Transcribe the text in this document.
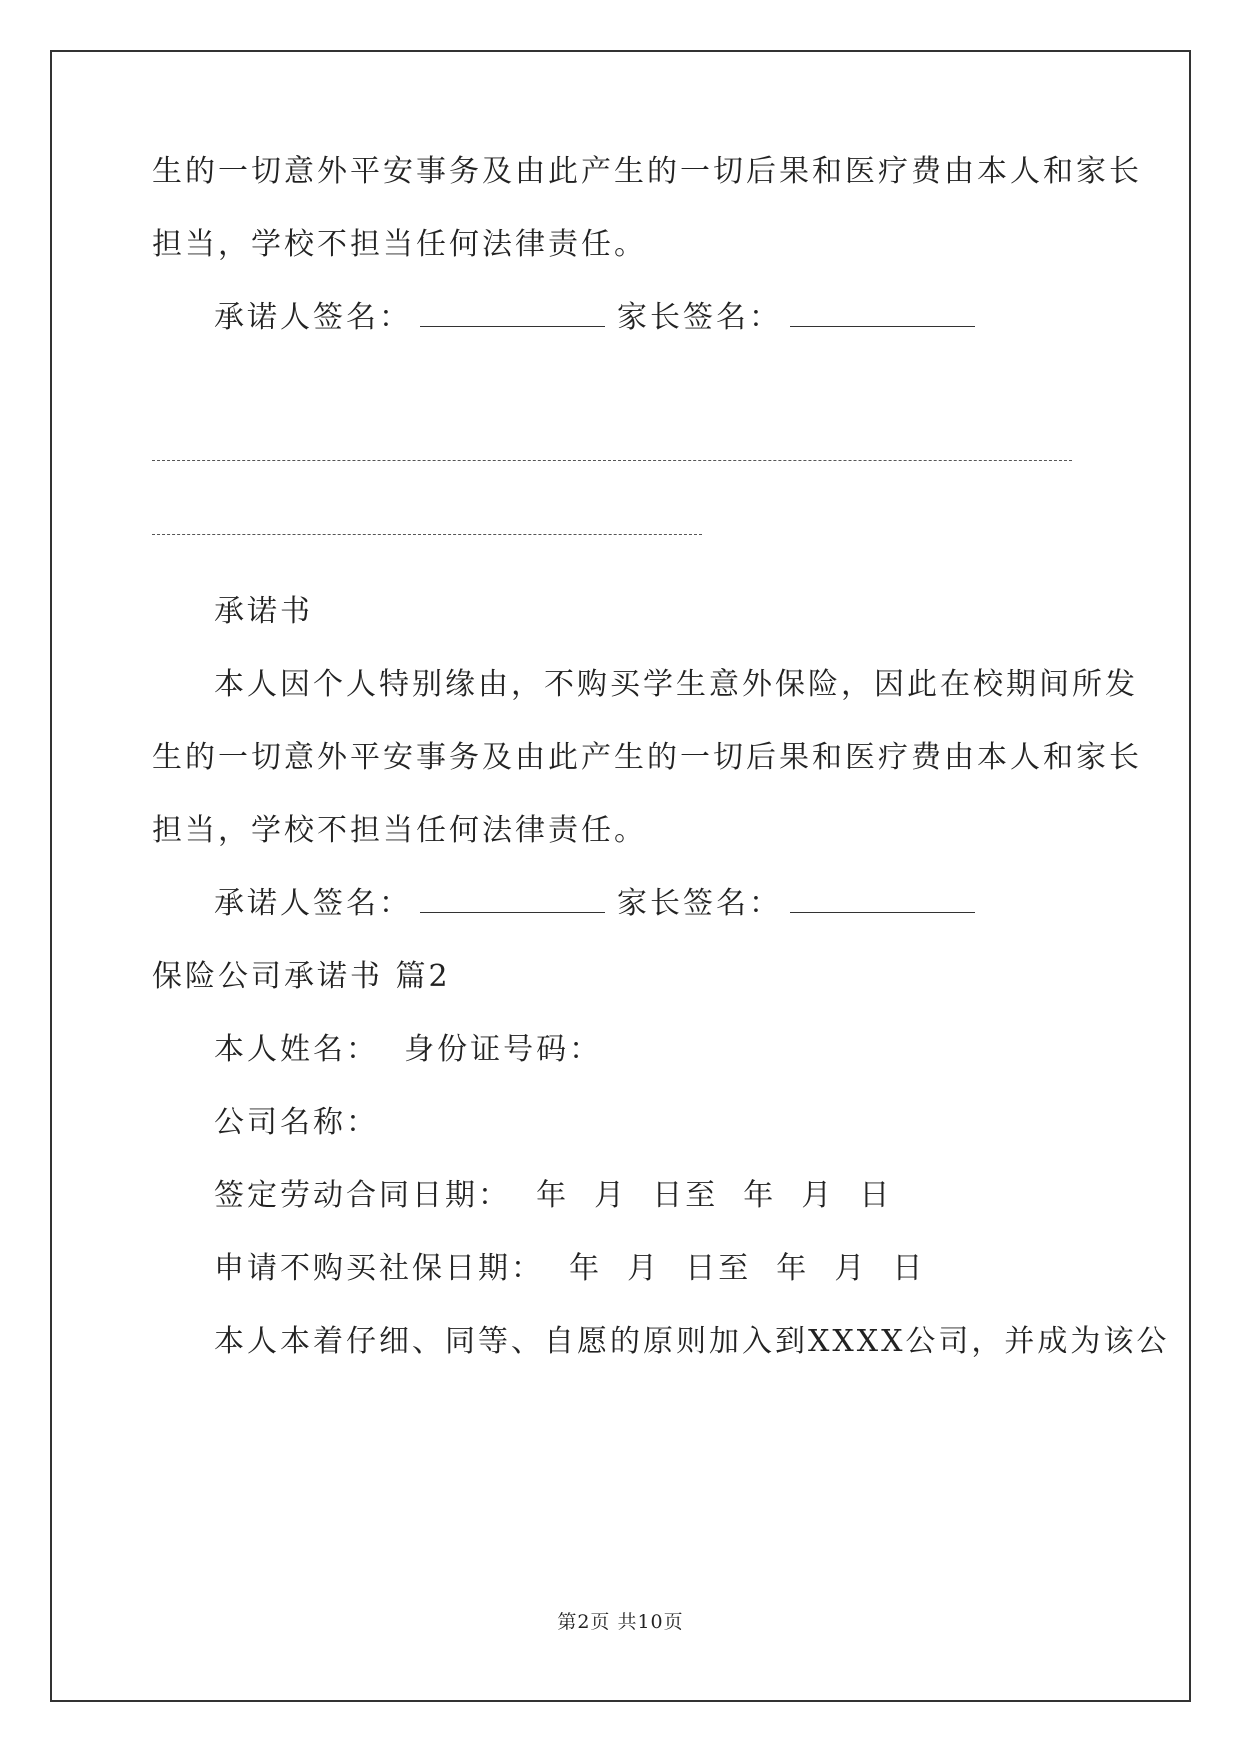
生的一切意外平安事务及由此产生的一切后果和医疗费由本人和家长
担当，学校不担当任何法律责任。
承诺人签名：	家长签名：
承诺书
本人因个人特别缘由，不购买学生意外保险，因此在校期间所发
生的一切意外平安事务及由此产生的一切后果和医疗费由本人和家长
担当，学校不担当任何法律责任。
承诺人签名：	家长签名：
保险公司承诺书 篇2
本人姓名：  身份证号码：
公司名称：
签定劳动合同日期：  年  月  日至  年  月  日
申请不购买社保日期：  年  月  日至  年  月  日
本人本着仔细、同等、自愿的原则加入到XXXX公司，并成为该公
第2页 共10页
